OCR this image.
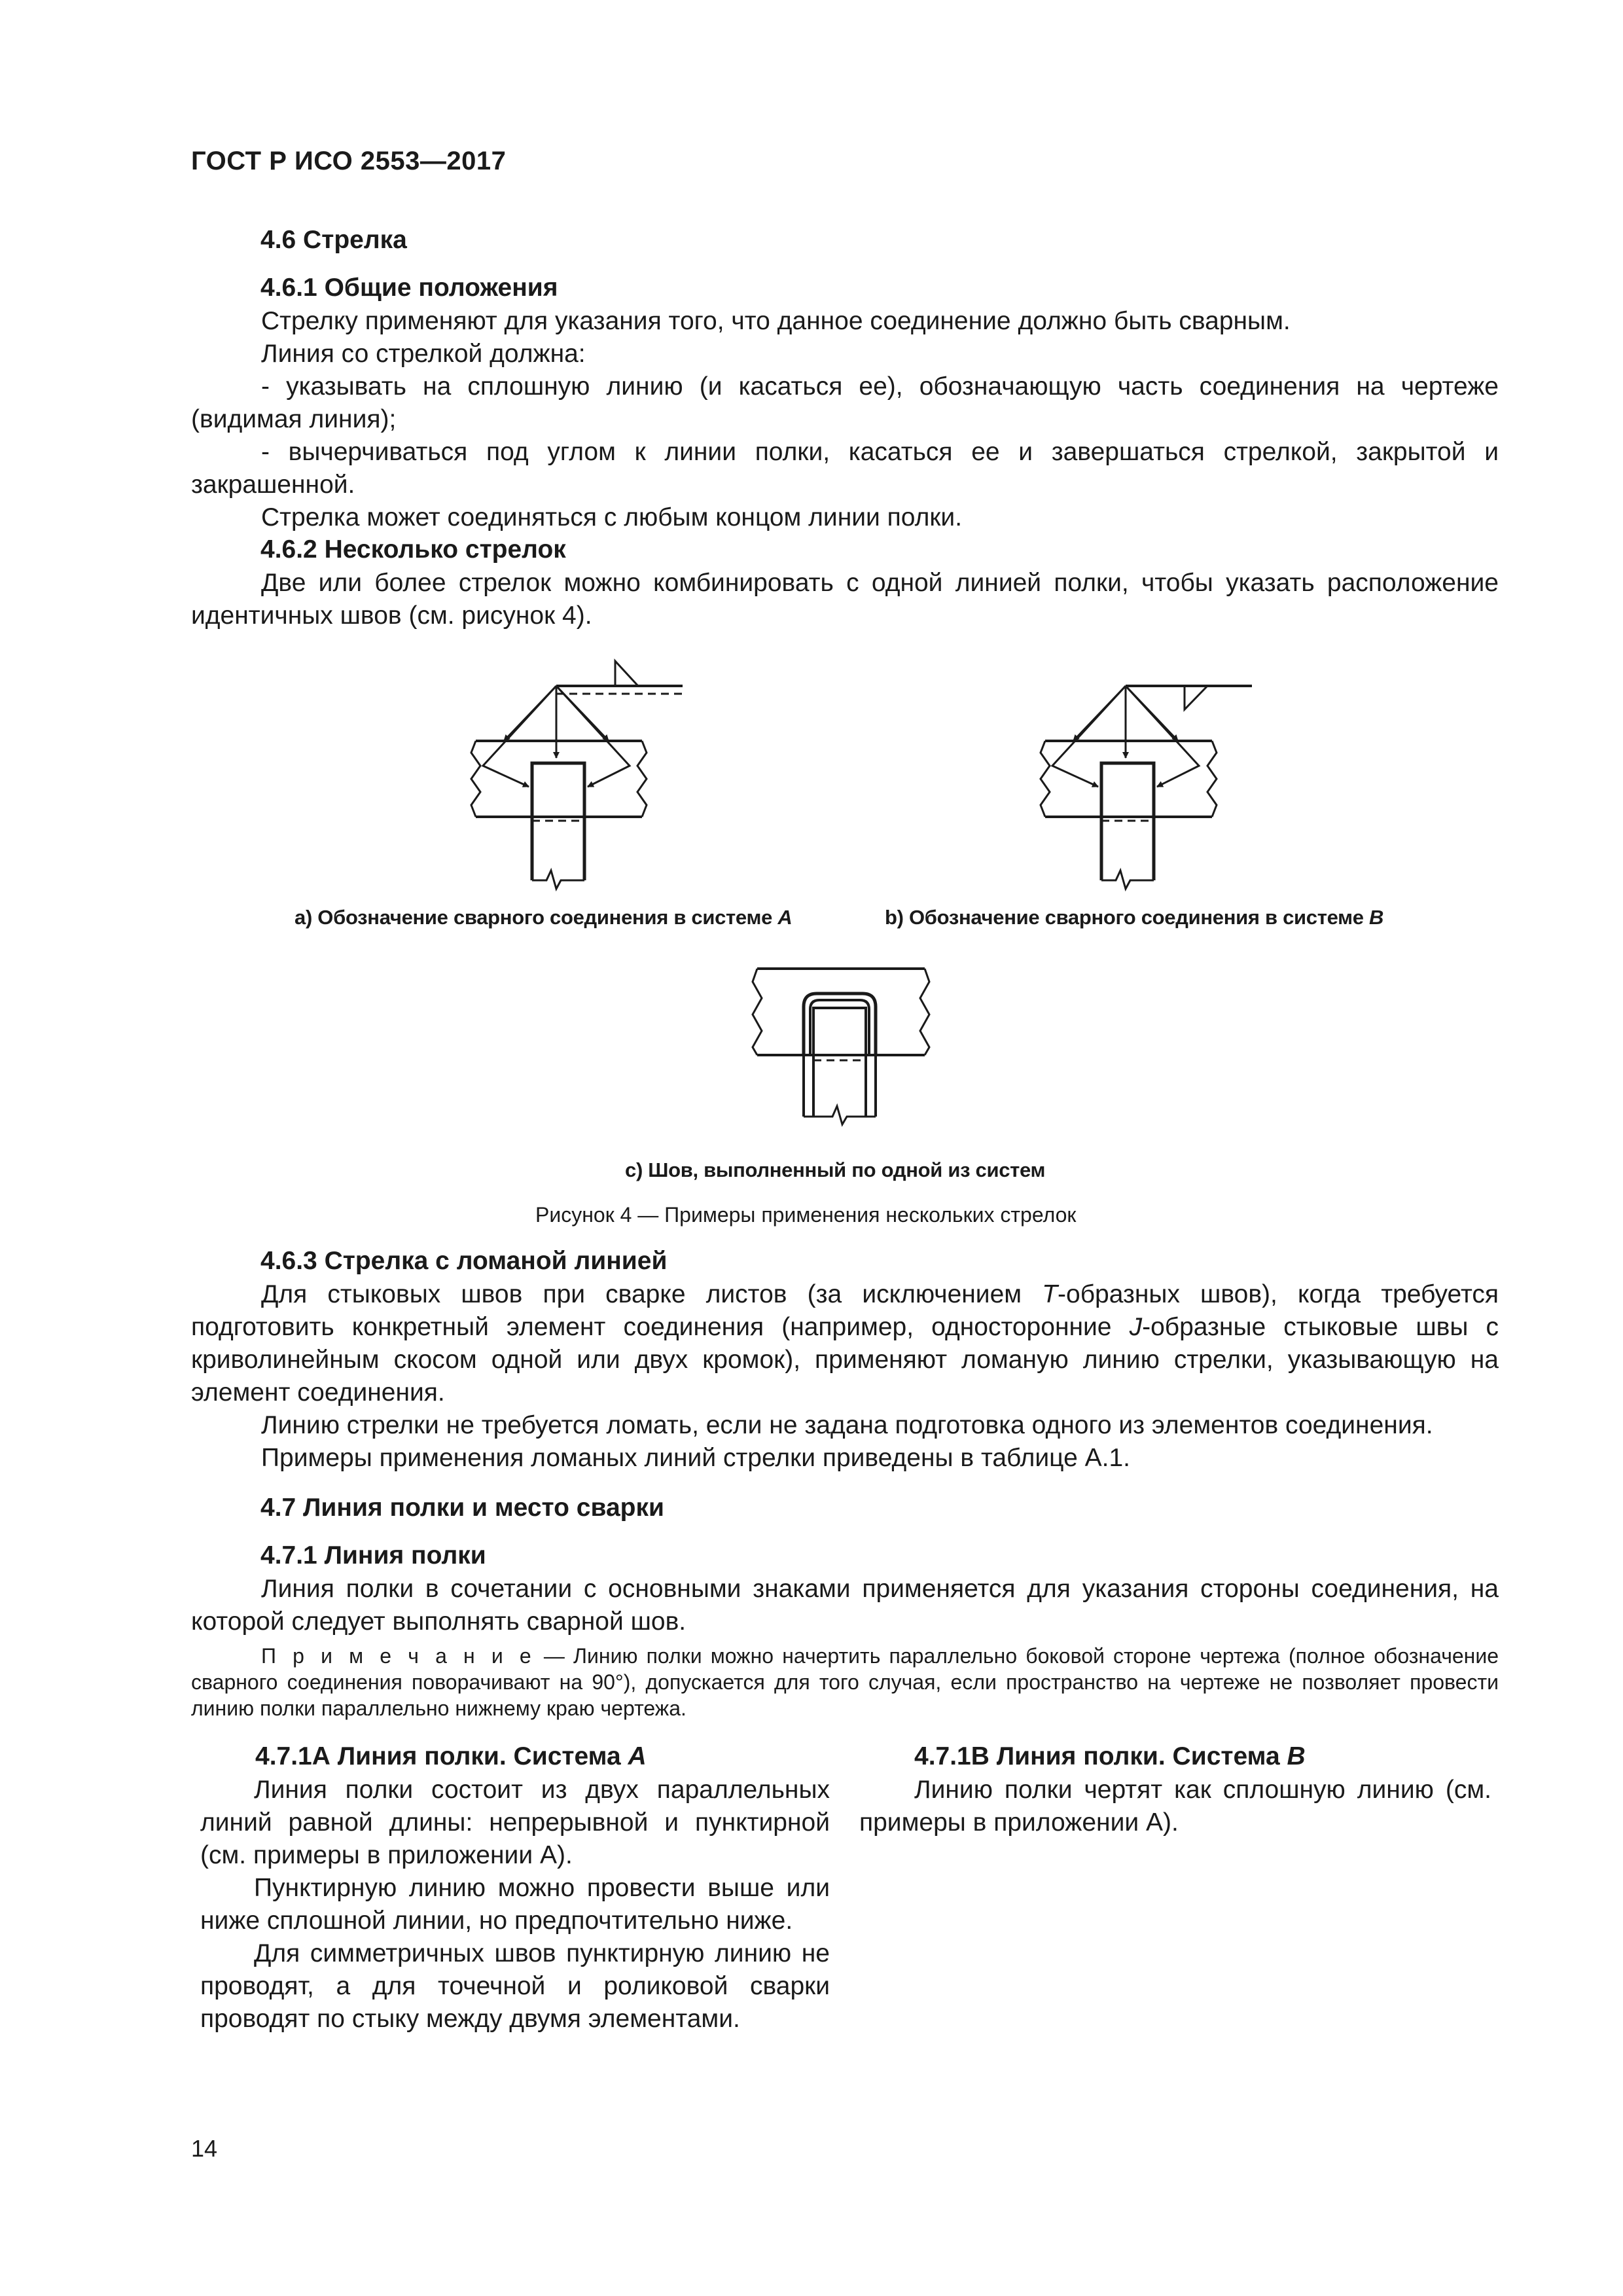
ГОСТ Р ИСО 2553—2017
4.6 Стрелка
4.6.1 Общие положения
Стрелку применяют для указания того, что данное соединение должно быть сварным.
Линия со стрелкой должна:
- указывать на сплошную линию (и касаться ее), обозначающую часть соединения на чертеже (видимая линия);
- вычерчиваться под углом к линии полки, касаться ее и завершаться стрелкой, закрытой и закрашенной.
Стрелка может соединяться с любым концом линии полки.
4.6.2 Несколько стрелок
Две или более стрелок можно комбинировать с одной линией полки, чтобы указать расположение идентичных швов (см. рисунок 4).
а) Обозначение сварного соединения в системе A	b) Обозначение сварного соединения в системе B
с) Шов, выполненный по одной из систем
Рисунок 4 — Примеры применения нескольких стрелок
4.6.3 Стрелка с ломаной линией
Для стыковых швов при сварке листов (за исключением T-образных швов), когда требуется подготовить конкретный элемент соединения (например, односторонние J-образные стыковые швы с криволинейным скосом одной или двух кромок), применяют ломаную линию стрелки, указывающую на элемент соединения.
Линию стрелки не требуется ломать, если не задана подготовка одного из элементов соединения.
Примеры применения ломаных линий стрелки приведены в таблице А.1.
4.7 Линия полки и место сварки
4.7.1 Линия полки
Линия полки в сочетании с основными знаками применяется для указания стороны соединения, на которой следует выполнять сварной шов.
П р и м е ч а н и е — Линию полки можно начертить параллельно боковой стороне чертежа (полное обозначение сварного соединения поворачивают на 90°), допускается для того случая, если пространство на чертеже не позволяет провести линию полки параллельно нижнему краю чертежа.
4.7.1А Линия полки. Система A
Линия полки состоит из двух параллельных линий равной длины: непрерывной и пунктирной (см. примеры в приложении А).
Пунктирную линию можно провести выше или ниже сплошной линии, но предпочтительно ниже.
Для симметричных швов пунктирную линию не проводят, а для точечной и роликовой сварки проводят по стыку между двумя элементами.
4.7.1В Линия полки. Система B
Линию полки чертят как сплошную линию (см. примеры в приложении А).
14
